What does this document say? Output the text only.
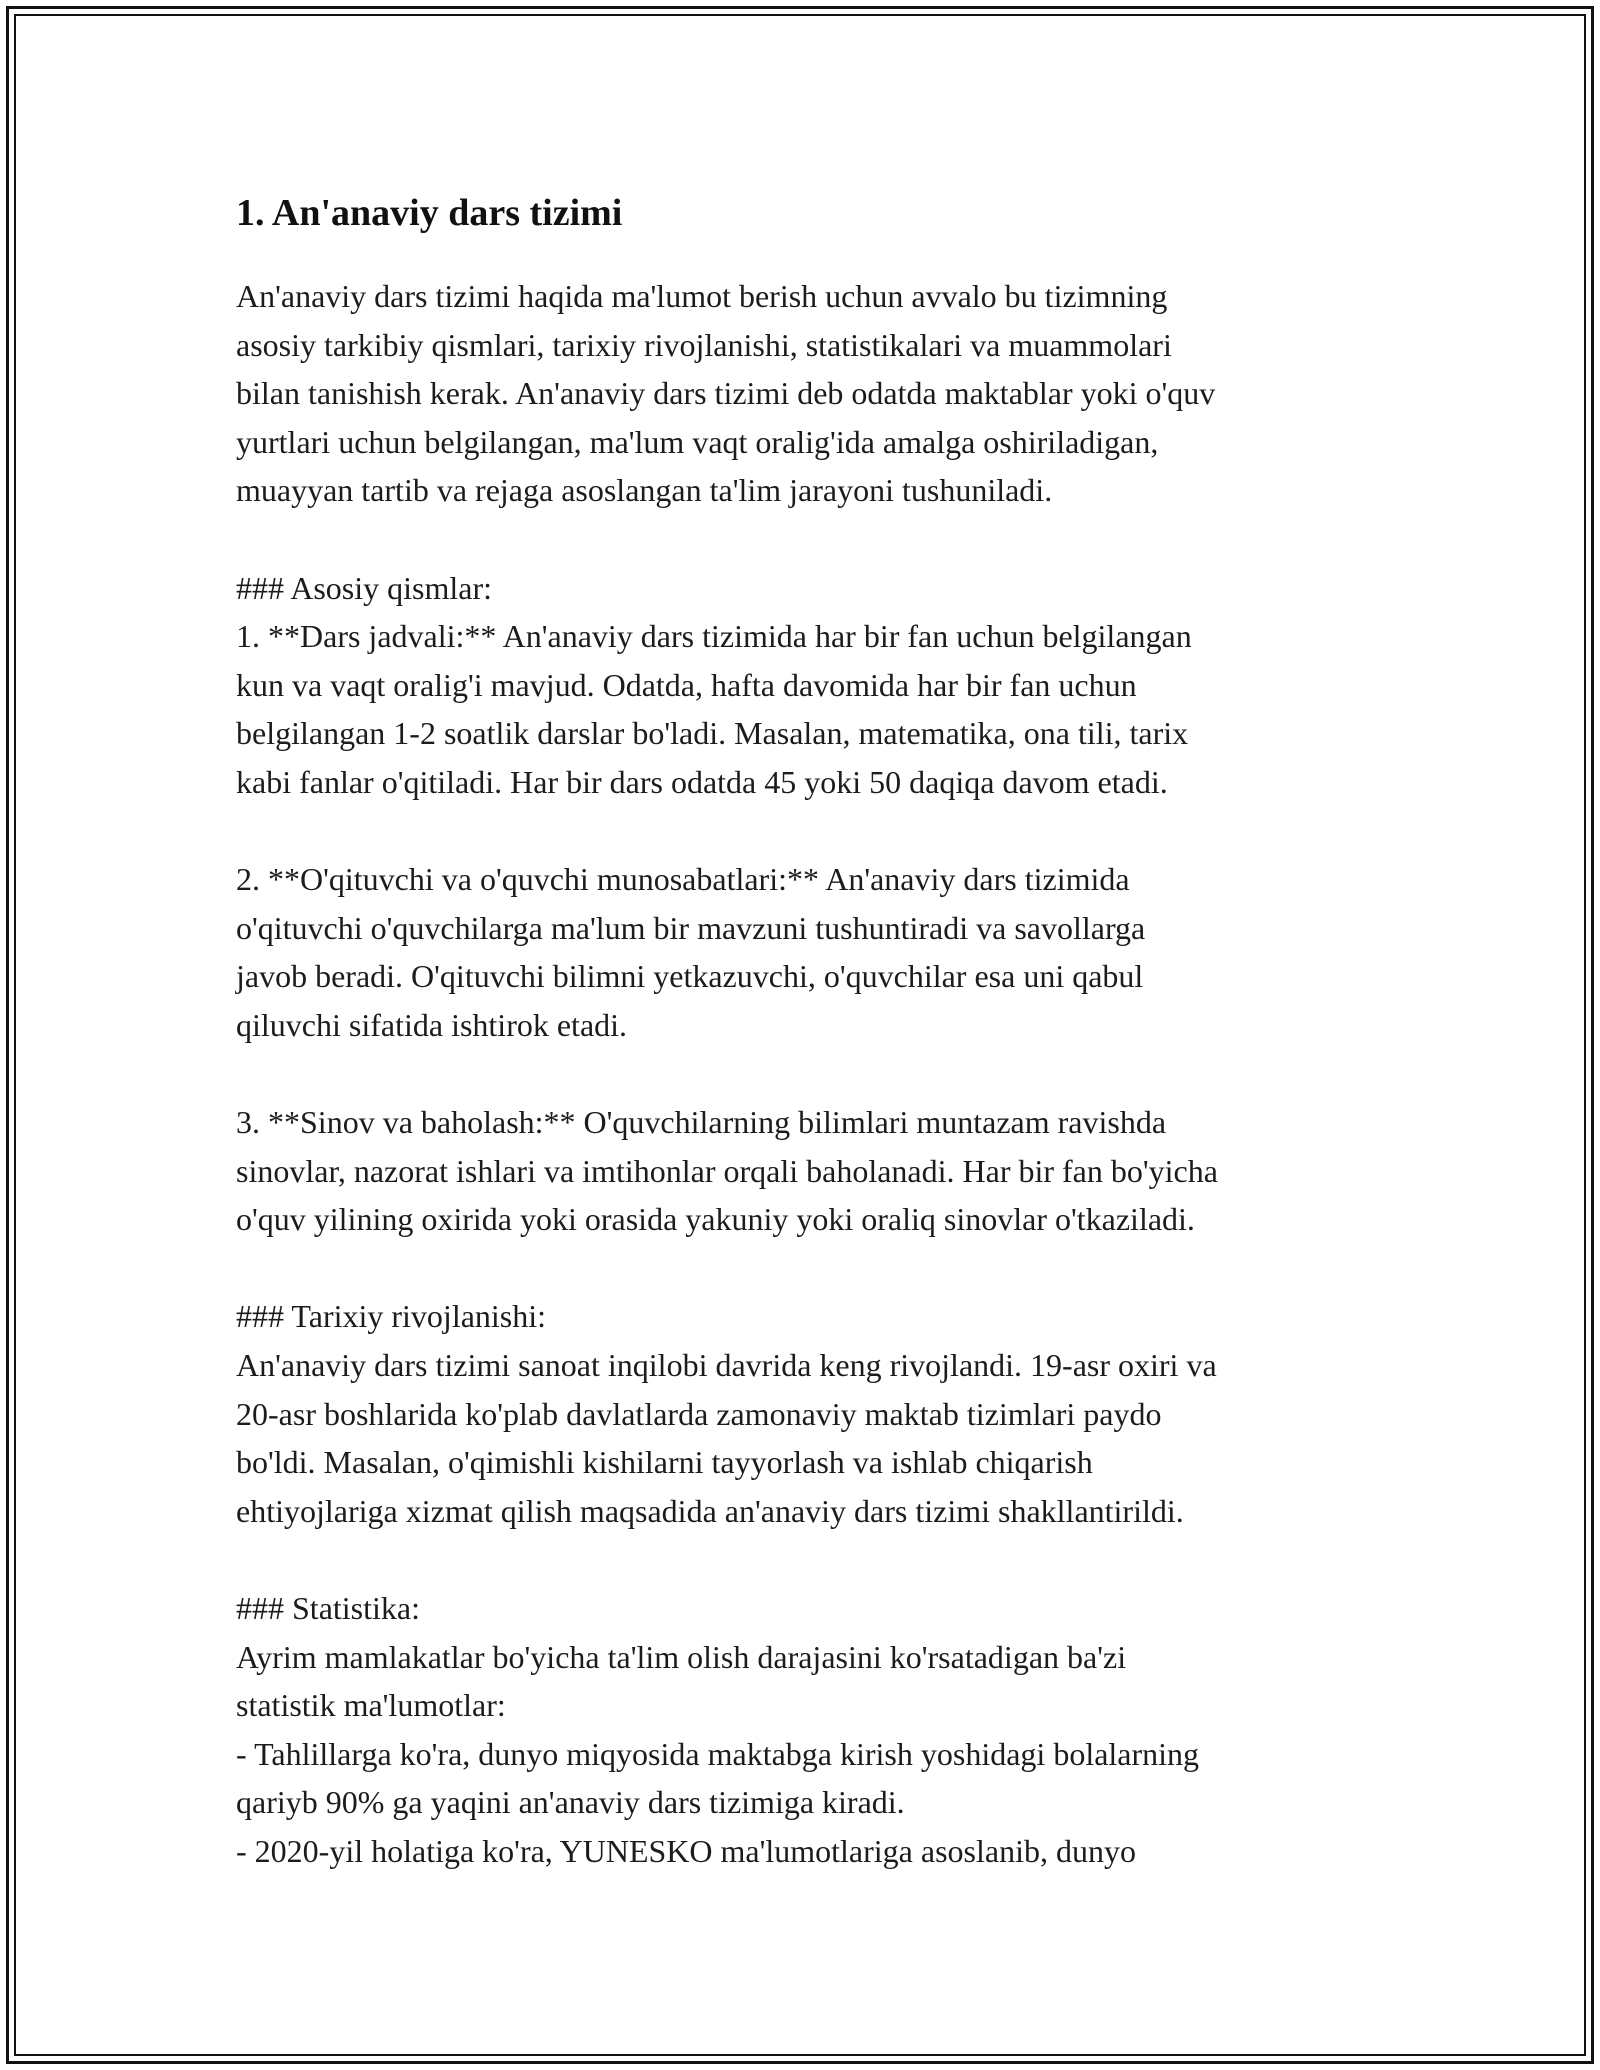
1. An'anaviy dars tizimi
An'anaviy dars tizimi haqida ma'lumot berish uchun avvalo bu tizimning
asosiy tarkibiy qismlari, tarixiy rivojlanishi, statistikalari va muammolari
bilan tanishish kerak. An'anaviy dars tizimi deb odatda maktablar yoki o'quv
yurtlari uchun belgilangan, ma'lum vaqt oralig'ida amalga oshiriladigan,
muayyan tartib va rejaga asoslangan ta'lim jarayoni tushuniladi.
### Asosiy qismlar:
1. **Dars jadvali:** An'anaviy dars tizimida har bir fan uchun belgilangan
kun va vaqt oralig'i mavjud. Odatda, hafta davomida har bir fan uchun
belgilangan 1-2 soatlik darslar bo'ladi. Masalan, matematika, ona tili, tarix
kabi fanlar o'qitiladi. Har bir dars odatda 45 yoki 50 daqiqa davom etadi.
2. **O'qituvchi va o'quvchi munosabatlari:** An'anaviy dars tizimida
o'qituvchi o'quvchilarga ma'lum bir mavzuni tushuntiradi va savollarga
javob beradi. O'qituvchi bilimni yetkazuvchi, o'quvchilar esa uni qabul
qiluvchi sifatida ishtirok etadi.
3. **Sinov va baholash:** O'quvchilarning bilimlari muntazam ravishda
sinovlar, nazorat ishlari va imtihonlar orqali baholanadi. Har bir fan bo'yicha
o'quv yilining oxirida yoki orasida yakuniy yoki oraliq sinovlar o'tkaziladi.
### Tarixiy rivojlanishi:
An'anaviy dars tizimi sanoat inqilobi davrida keng rivojlandi. 19-asr oxiri va
20-asr boshlarida ko'plab davlatlarda zamonaviy maktab tizimlari paydo
bo'ldi. Masalan, o'qimishli kishilarni tayyorlash va ishlab chiqarish
ehtiyojlariga xizmat qilish maqsadida an'anaviy dars tizimi shakllantirildi.
### Statistika:
Ayrim mamlakatlar bo'yicha ta'lim olish darajasini ko'rsatadigan ba'zi
statistik ma'lumotlar:
- Tahlillarga ko'ra, dunyo miqyosida maktabga kirish yoshidagi bolalarning
qariyb 90% ga yaqini an'anaviy dars tizimiga kiradi.
- 2020-yil holatiga ko'ra, YUNESKO ma'lumotlariga asoslanib, dunyo
